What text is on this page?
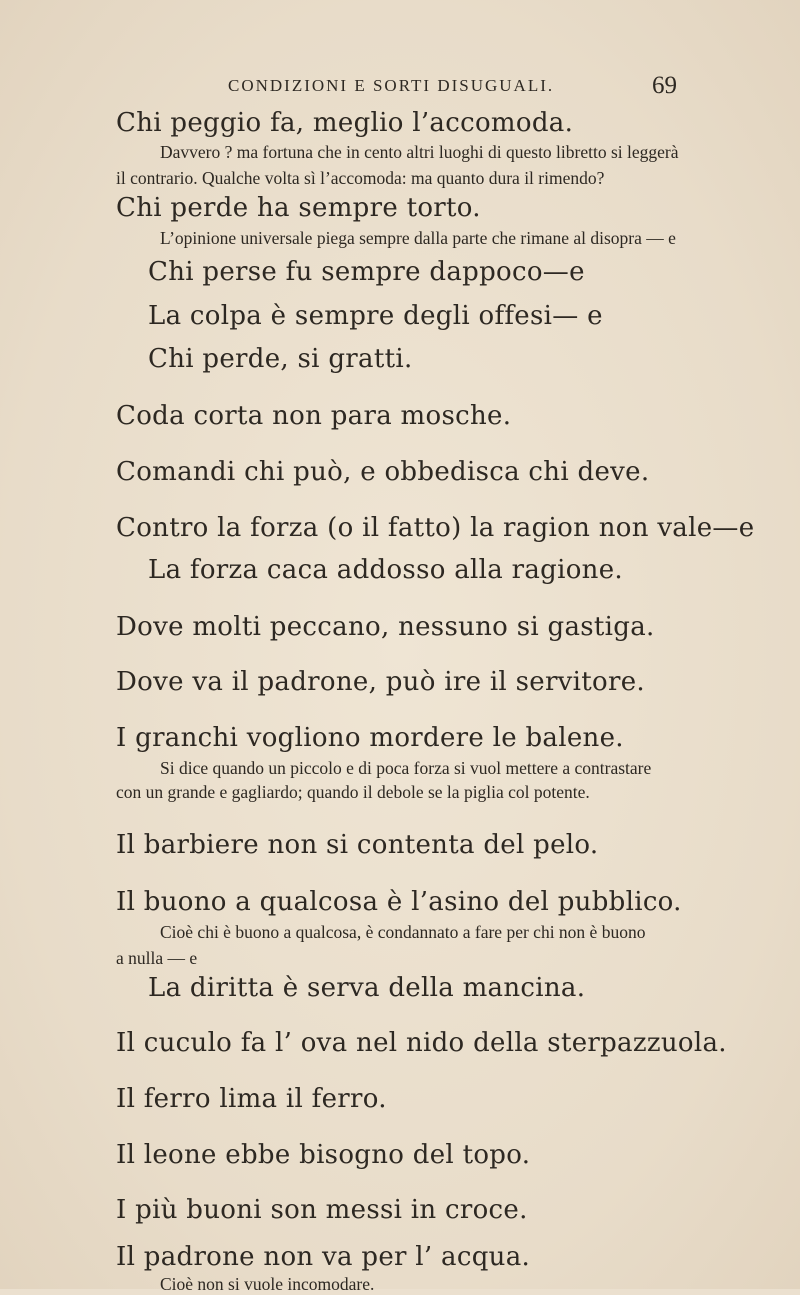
CONDIZIONI E SORTI DISUGUALI.	69
Chi peggio fa, meglio l’accomoda.
Davvero ? ma fortuna che in cento altri luoghi di questo libretto si leggerà
il contrario. Qualche volta sì l’accomoda: ma quanto dura il rimendo?
Chi perde ha sempre torto.
L’opinione universale piega sempre dalla parte che rimane al disopra — e
Chi perse fu sempre dappoco—e
La colpa è sempre degli offesi— e
Chi perde, si gratti.
Coda corta non para mosche.
Comandi chi può, e obbedisca chi deve.
Contro la forza (o il fatto) la ragion non vale—e
La forza caca addosso alla ragione.
Dove molti peccano, nessuno si gastiga.
Dove va il padrone, può ire il servitore.
I granchi vogliono mordere le balene.
Si dice quando un piccolo e di poca forza si vuol mettere a contrastare
con un grande e gagliardo; quando il debole se la piglia col potente.
Il barbiere non si contenta del pelo.
Il buono a qualcosa è l’asino del pubblico.
Cioè chi è buono a qualcosa, è condannato a fare per chi non è buono
a nulla — e
La diritta è serva della mancina.
Il cuculo fa l’ ova nel nido della sterpazzuola.
Il ferro lima il ferro.
Il leone ebbe bisogno del topo.
I più buoni son messi in croce.
Il padrone non va per l’ acqua.
Cioè non si vuole incomodare.
